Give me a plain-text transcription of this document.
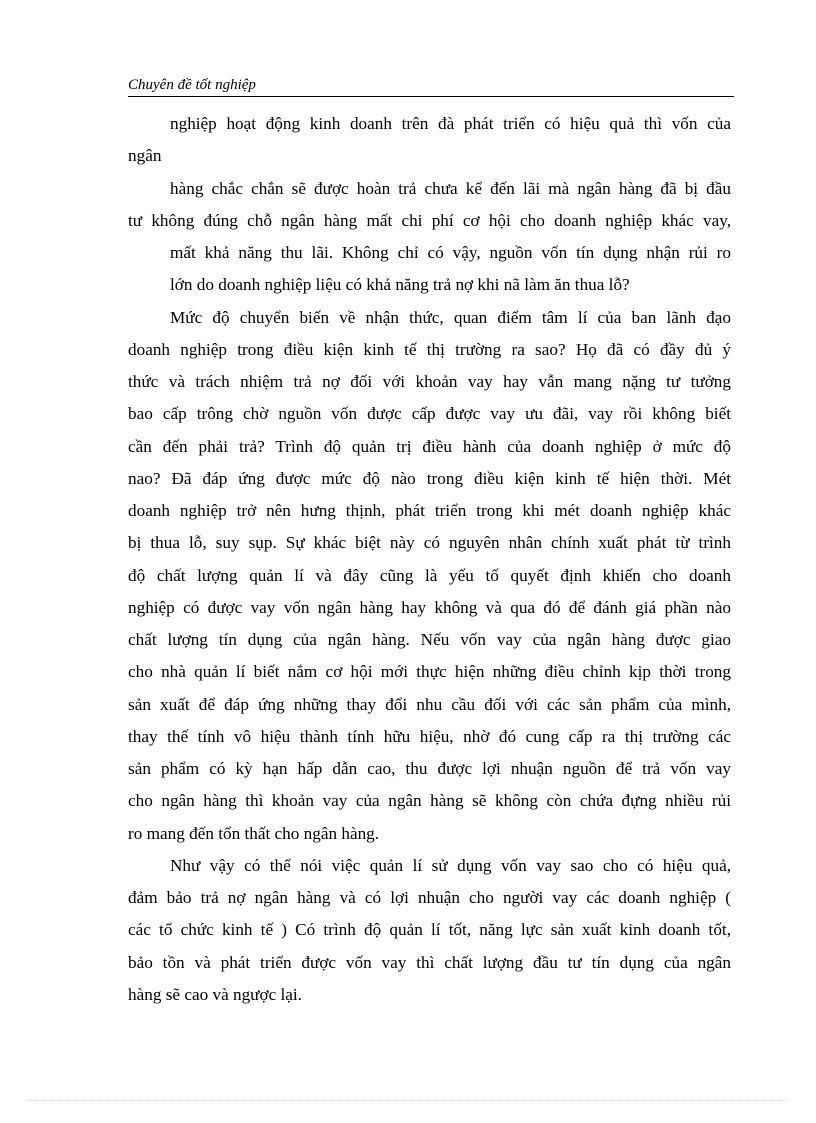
Chuyên đề tốt nghiệp
nghiệp hoạt động kinh doanh trên đà phát triển có hiệu quả thì vốn của
ngân
hàng chắc chắn sẽ được hoàn trả chưa kể đến lãi mà ngân hàng đã bị đầu
tư không đúng chỗ ngân hàng mất chi phí cơ hội cho doanh nghiệp khác vay,
mất khả năng thu lãi. Không chỉ có vậy, nguồn vốn tín dụng nhận rủi ro
lớn do doanh nghiệp liệu có khả năng trả nợ khi nã làm ăn thua lỗ?
Mức độ chuyển biến về nhận thức, quan điểm tâm lí của ban lãnh đạo
doanh nghiệp trong điều kiện kinh tế thị trường ra sao? Họ đã có đầy đủ ý
thức và trách nhiệm trả nợ đối với khoản vay hay vẫn mang nặng tư tưởng
bao cấp trông chờ nguồn vốn được cấp được vay ưu đãi, vay rồi không biết
cần đến phải trả? Trình độ quản trị điều hành của doanh nghiệp ở mức độ
nao? Đã đáp ứng được mức độ nào trong điều kiện kinh tế hiện thời. Mét
doanh nghiệp trở nên hưng thịnh, phát triển trong khi mét doanh nghiệp khác
bị thua lỗ, suy sụp. Sự khác biệt này có nguyên nhân chính xuất phát từ trình
độ chất lượng quản lí và đây cũng là yếu tố quyết định khiến cho doanh
nghiệp có được vay vốn ngân hàng hay không và qua đó để đánh giá phần nào
chất lượng tín dụng của ngân hàng. Nếu vốn vay của ngân hàng được giao
cho nhà quản lí biết nắm cơ hội mới thực hiện những điều chỉnh kịp thời trong
sản xuất để đáp ứng những thay đổi nhu cầu đối với các sản phẩm của mình,
thay thế tính vô hiệu thành tính hữu hiệu, nhờ đó cung cấp ra thị trường các
sản phẩm có kỳ hạn hấp dẫn cao, thu được lợi nhuận nguồn để trả vốn vay
cho ngân hàng thì khoản vay của ngân hàng sẽ không còn chứa đựng nhiều rủi
ro mang đến tổn thất cho ngân hàng.
Như vậy có thể nói việc quản lí sử dụng vốn vay sao cho có hiệu quả,
đảm bảo trả nợ ngân hàng và có lợi nhuận cho người vay các doanh nghiệp (
các tổ chức kinh tế ) Có trình độ quản lí tốt, năng lực sản xuất kinh doanh tốt,
bảo tồn và phát triển được vốn vay thì chất lượng đầu tư tín dụng của ngân
hàng sẽ cao và ngược lại.
